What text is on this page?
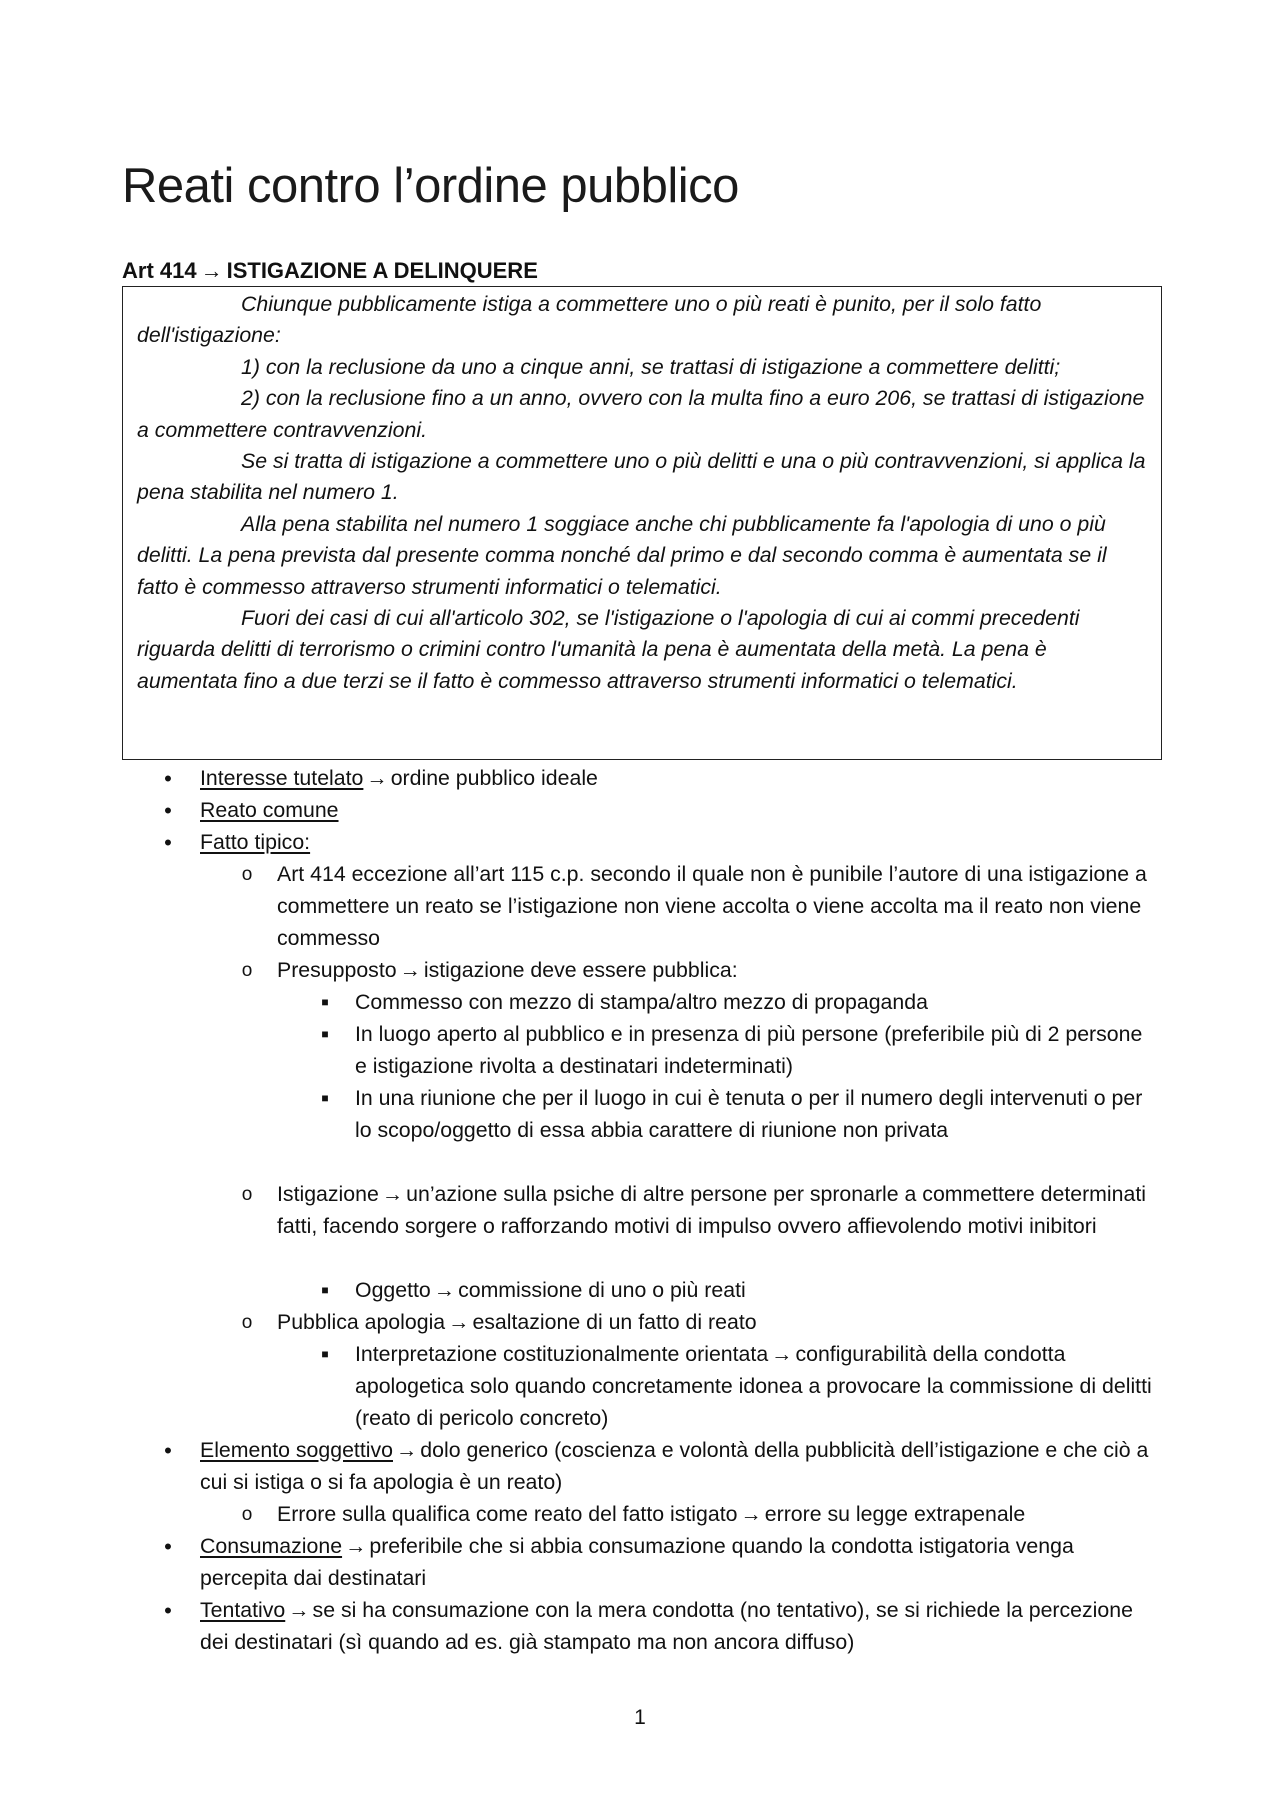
Reati contro l’ordine pubblico
Art 414 → ISTIGAZIONE A DELINQUERE

Chiunque pubblicamente istiga a commettere uno o più reati è punito, per il solo fatto dell'istigazione:

1) con la reclusione da uno a cinque anni, se trattasi di istigazione a commettere delitti;

2) con la reclusione fino a un anno, ovvero con la multa fino a euro 206, se trattasi di istigazione a commettere contravvenzioni.

Se si tratta di istigazione a commettere uno o più delitti e una o più contravvenzioni, si applica la pena stabilita nel numero 1.

Alla pena stabilita nel numero 1 soggiace anche chi pubblicamente fa l'apologia di uno o più delitti. La pena prevista dal presente comma nonché dal primo e dal secondo comma è aumentata se il fatto è commesso attraverso strumenti informatici o telematici.

Fuori dei casi di cui all'articolo 302, se l'istigazione o l'apologia di cui ai commi precedenti riguarda delitti di terrorismo o crimini contro l'umanità la pena è aumentata della metà. La pena è aumentata fino a due terzi se il fatto è commesso attraverso strumenti informatici o telematici.

• Interesse tutelato → ordine pubblico ideale
• Reato comune
• Fatto tipico:
o Art 414 eccezione all’art 115 c.p. secondo il quale non è punibile l’autore di una istigazione a commettere un reato se l’istigazione non viene accolta o viene accolta ma il reato non viene commesso
o Presupposto → istigazione deve essere pubblica:
■ Commesso con mezzo di stampa/altro mezzo di propaganda
■ In luogo aperto al pubblico e in presenza di più persone (preferibile più di 2 persone e istigazione rivolta a destinatari indeterminati)
■ In una riunione che per il luogo in cui è tenuta o per il numero degli intervenuti o per lo scopo/oggetto di essa abbia carattere di riunione non privata
o Istigazione → un’azione sulla psiche di altre persone per spronarle a commettere determinati fatti, facendo sorgere o rafforzando motivi di impulso ovvero affievolendo motivi inibitori
■ Oggetto → commissione di uno o più reati
o Pubblica apologia → esaltazione di un fatto di reato
■ Interpretazione costituzionalmente orientata → configurabilità della condotta apologetica solo quando concretamente idonea a provocare la commissione di delitti (reato di pericolo concreto)
• Elemento soggettivo → dolo generico (coscienza e volontà della pubblicità dell’istigazione e che ciò a cui si istiga o si fa apologia è un reato)
o Errore sulla qualifica come reato del fatto istigato → errore su legge extrapenale
• Consumazione → preferibile che si abbia consumazione quando la condotta istigatoria venga percepita dai destinatari
• Tentativo → se si ha consumazione con la mera condotta (no tentativo), se si richiede la percezione dei destinatari (sì quando ad es. già stampato ma non ancora diffuso)
1
